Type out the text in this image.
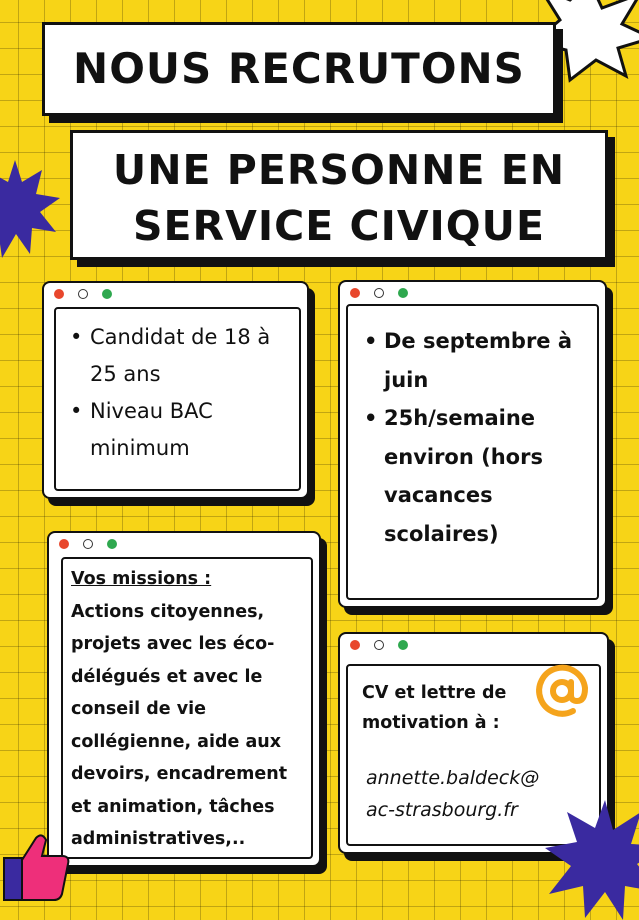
NOUS RECRUTONS
UNE PERSONNE EN
SERVICE CIVIQUE
• Candidat de 18 à 25 ans
• Niveau BAC minimum
• De septembre à juin
• 25h/semaine environ (hors vacances scolaires)
Vos missions :
Actions citoyennes, projets avec les éco-délégués et avec le conseil de vie collégienne, aide aux devoirs, encadrement et animation, tâches administratives,..
CV et lettre de motivation à :
annette.baldeck@
ac-strasbourg.fr
